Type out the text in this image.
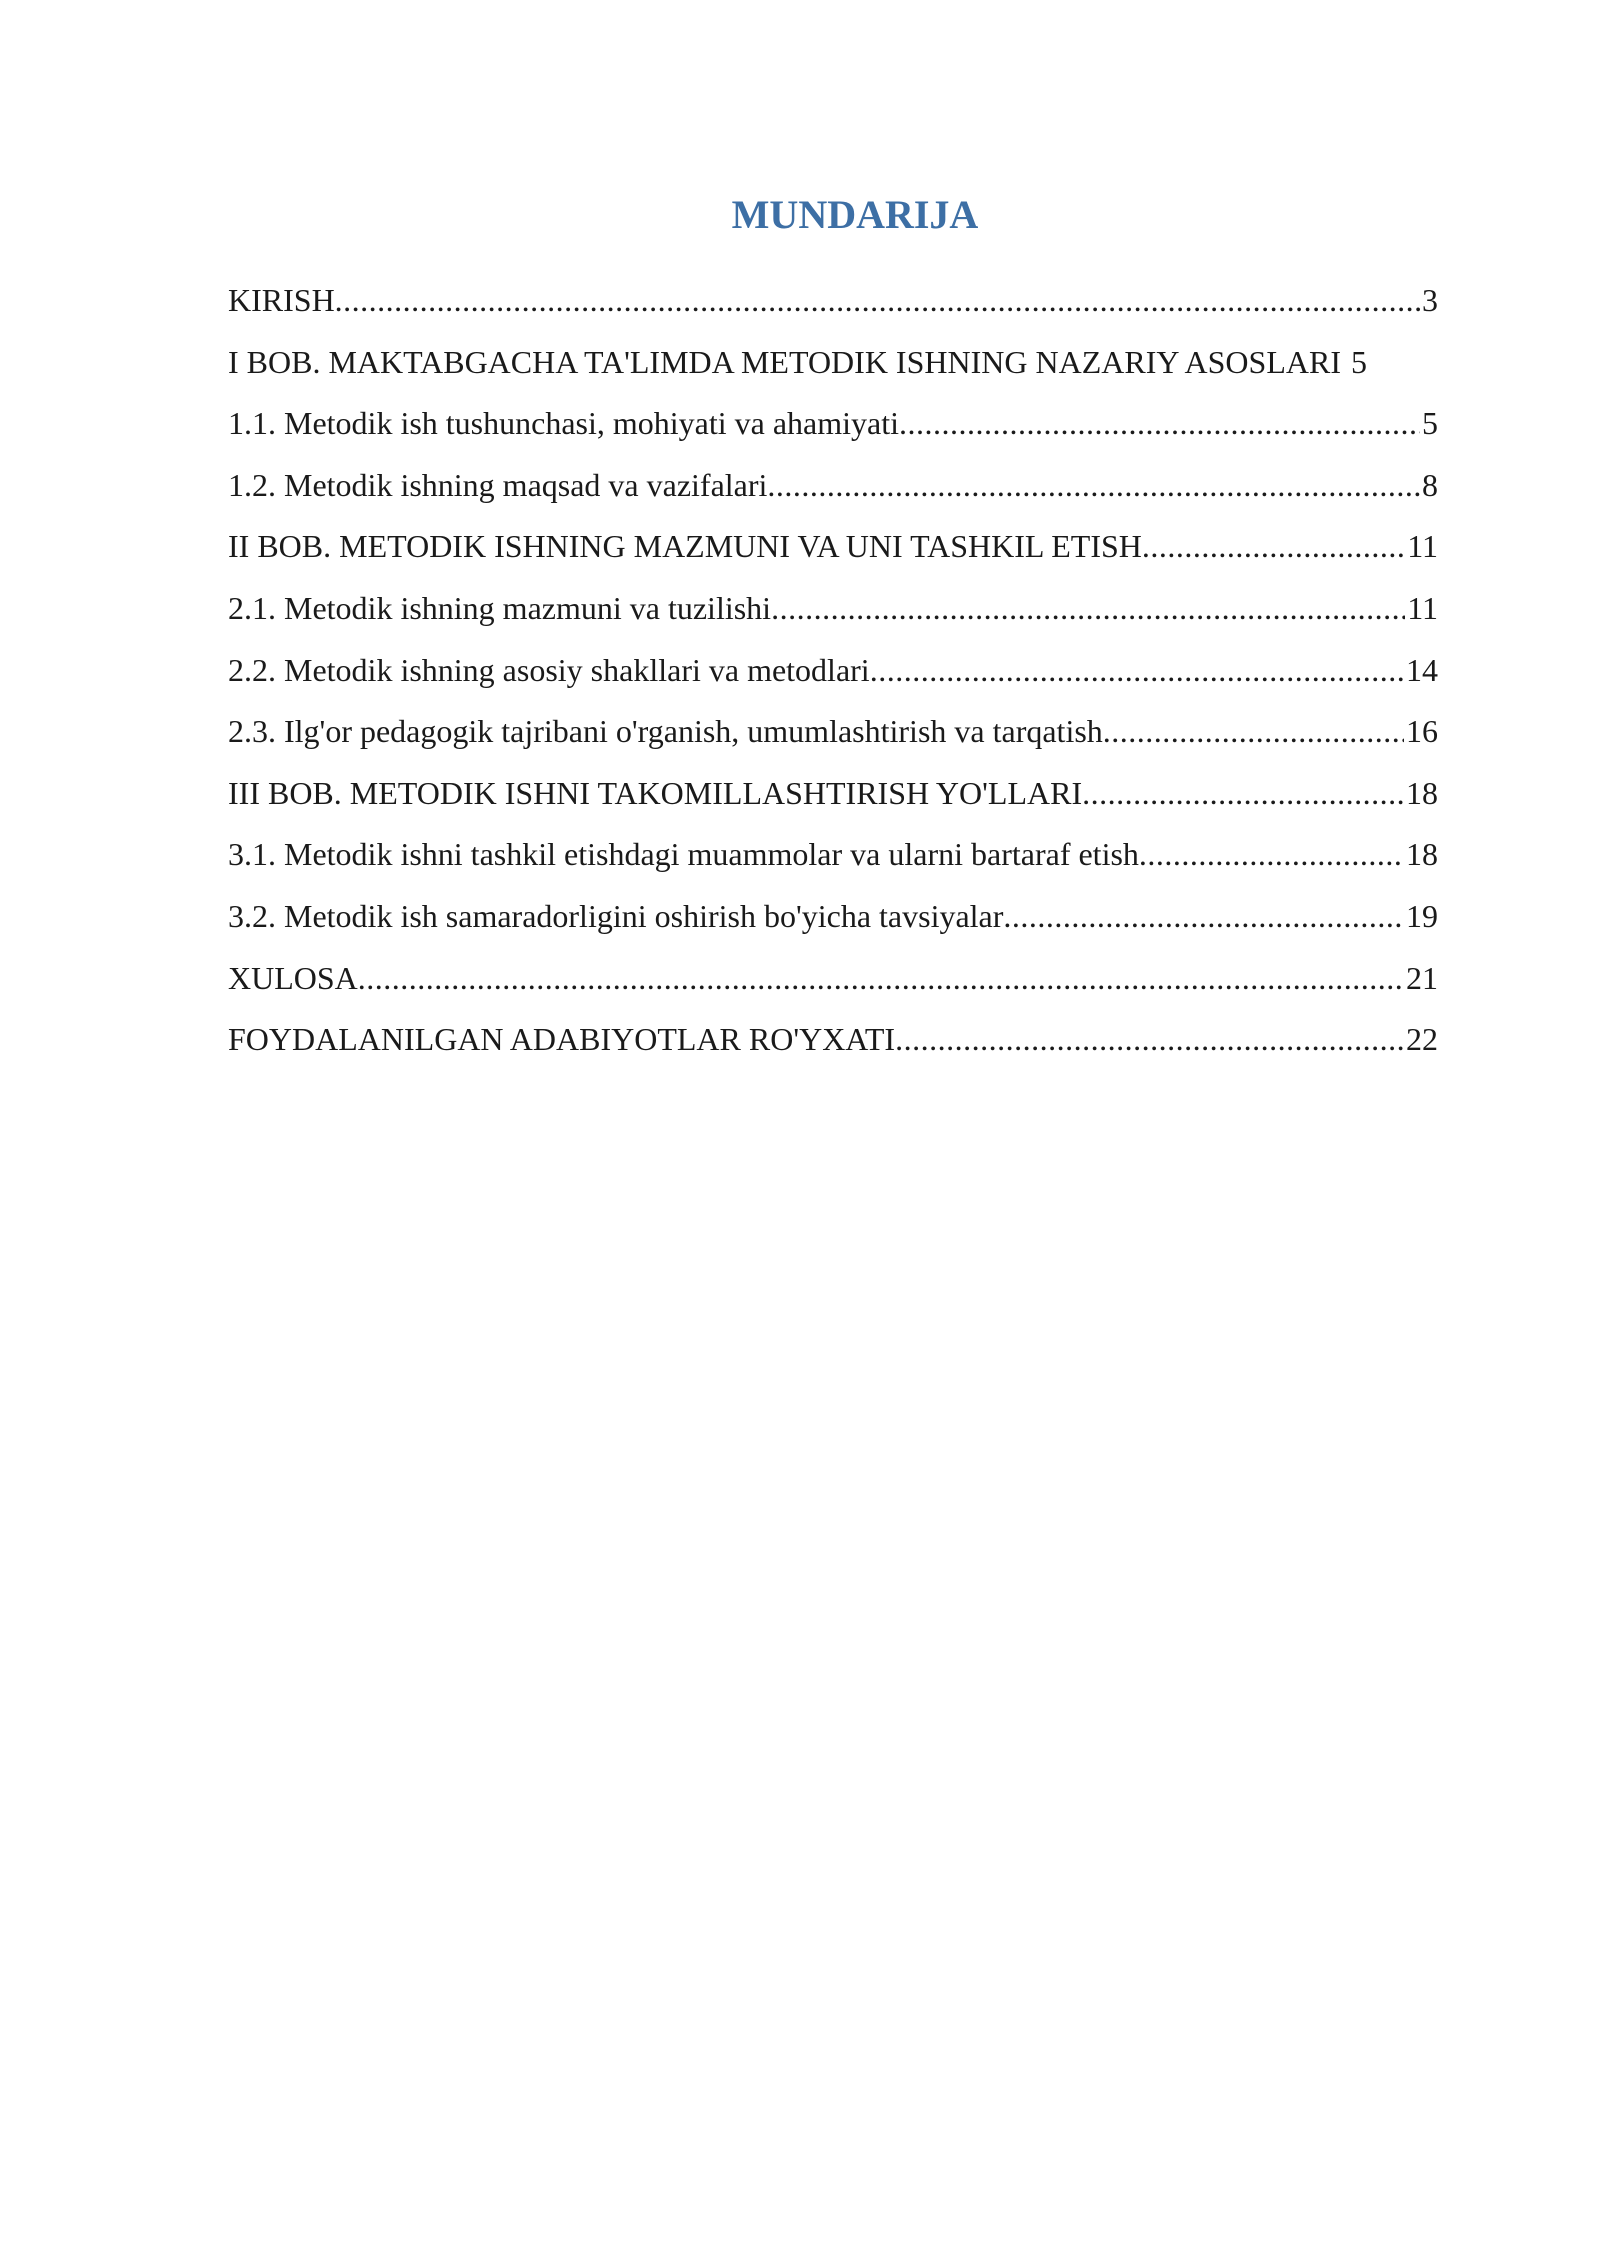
MUNDARIJA
KIRISH .....	3
I BOB. MAKTABGACHA TA'LIMDA METODIK ISHNING NAZARIY ASOSLARI 5
1.1. Metodik ish tushunchasi, mohiyati va ahamiyati .....	5
1.2. Metodik ishning maqsad va vazifalari .....	8
II BOB. METODIK ISHNING MAZMUNI VA UNI TASHKIL ETISH .....	11
2.1. Metodik ishning mazmuni va tuzilishi .....	11
2.2. Metodik ishning asosiy shakllari va metodlari .....	14
2.3. Ilg'or pedagogik tajribani o'rganish, umumlashtirish va tarqatish .....	16
III BOB. METODIK ISHNI TAKOMILLASHTIRISH YO'LLARI .....	18
3.1. Metodik ishni tashkil etishdagi muammolar va ularni bartaraf etish .....	18
3.2. Metodik ish samaradorligini oshirish bo'yicha tavsiyalar .....	19
XULOSA .....	21
FOYDALANILGAN ADABIYOTLAR RO'YXATI .....	22
